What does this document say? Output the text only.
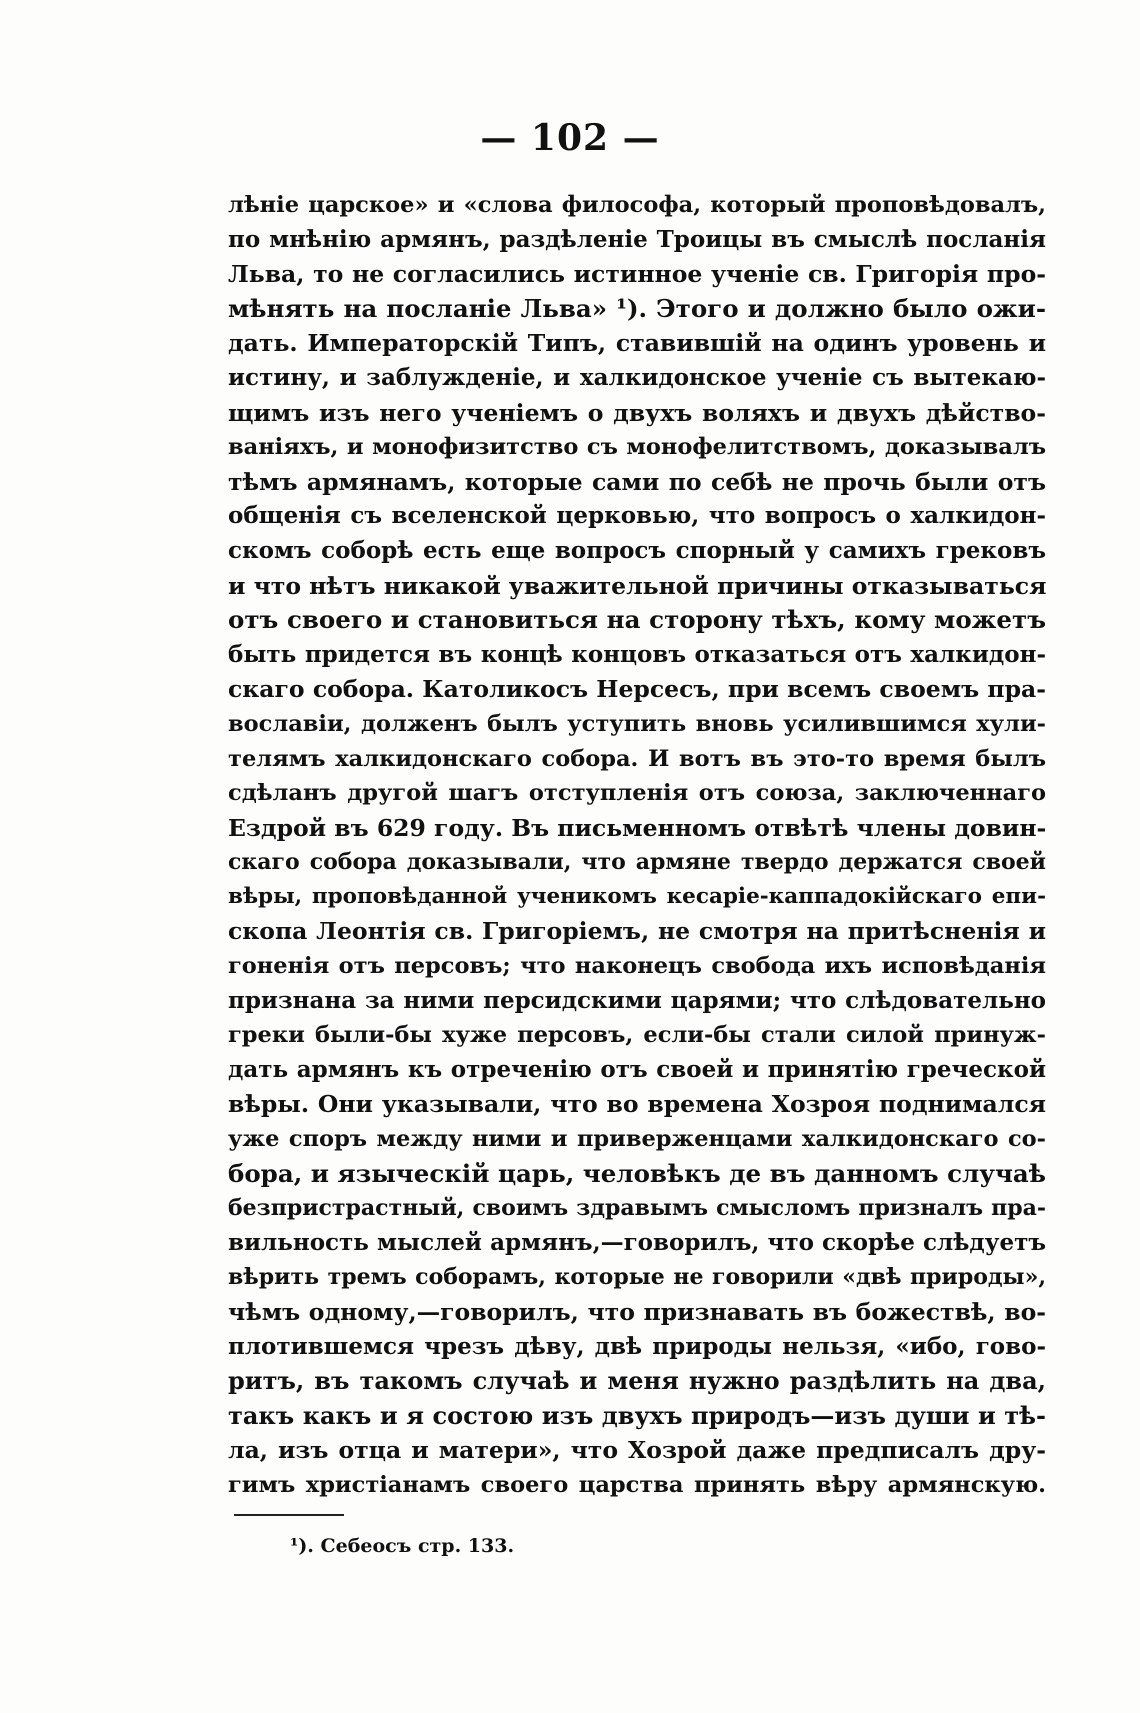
— 102 —
лѣніе царское» и «слова философа, который проповѣдовалъ,
по мнѣнію армянъ, раздѣленіе Троицы въ смыслѣ посланія
Льва, то не согласились истинное ученіе св. Григорія про-
мѣнять на посланіе Льва» ¹). Этого и должно было ожи-
дать. Императорскій Типъ, ставившій на одинъ уровень и
истину, и заблужденіе, и халкидонское ученіе съ вытекаю-
щимъ изъ него ученіемъ о двухъ воляхъ и двухъ дѣйство-
ваніяхъ, и монофизитство съ монофелитствомъ, доказывалъ
тѣмъ армянамъ, которые сами по себѣ не прочь были отъ
общенія съ вселенской церковью, что вопросъ о халкидон-
скомъ соборѣ есть еще вопросъ спорный у самихъ грековъ
и что нѣтъ никакой уважительной причины отказываться
отъ своего и становиться на сторону тѣхъ, кому можетъ
быть придется въ концѣ концовъ отказаться отъ халкидон-
скаго собора. Католикосъ Нерсесъ, при всемъ своемъ пра-
вославіи, долженъ былъ уступить вновь усилившимся хули-
телямъ халкидонскаго собора. И вотъ въ это-то время былъ
сдѣланъ другой шагъ отступленія отъ союза, заключеннаго
Ездрой въ 629 году. Въ письменномъ отвѣтѣ члены довин-
скаго собора доказывали, что армяне твердо держатся своей
вѣры, проповѣданной ученикомъ кесаріе-каппадокійскаго епи-
скопа Леонтія св. Григоріемъ, не смотря на притѣсненія и
гоненія отъ персовъ; что наконецъ свобода ихъ исповѣданія
признана за ними персидскими царями; что слѣдовательно
греки были-бы хуже персовъ, если-бы стали силой принуж-
дать армянъ къ отреченію отъ своей и принятію греческой
вѣры. Они указывали, что во времена Хозроя поднимался
уже споръ между ними и приверженцами халкидонскаго со-
бора, и языческій царь, человѣкъ де въ данномъ случаѣ
безпристрастный, своимъ здравымъ смысломъ призналъ пра-
вильность мыслей армянъ,—говорилъ, что скорѣе слѣдуетъ
вѣрить тремъ соборамъ, которые не говорили «двѣ природы»,
чѣмъ одному,—говорилъ, что признавать въ божествѣ, во-
плотившемся чрезъ дѣву, двѣ природы нельзя, «ибо, гово-
ритъ, въ такомъ случаѣ и меня нужно раздѣлить на два,
такъ какъ и я состою изъ двухъ природъ—изъ души и тѣ-
ла, изъ отца и матери», что Хозрой даже предписалъ дру-
гимъ христіанамъ своего царства принять вѣру армянскую.
¹). Себеосъ стр. 133.
